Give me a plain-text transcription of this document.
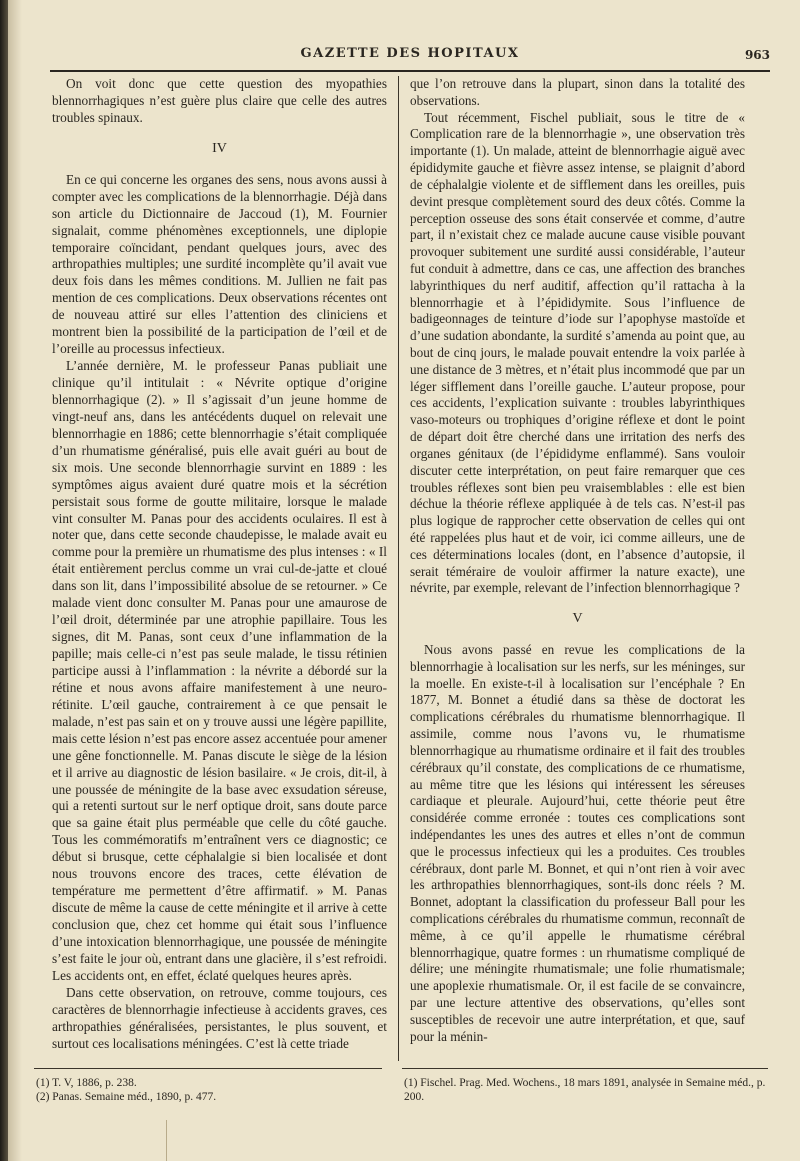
GAZETTE DES HOPITAUX	963

On voit donc que cette question des myopathies blennorrhagiques n’est guère plus claire que celle des autres troubles spinaux.

IV

En ce qui concerne les organes des sens, nous avons aussi à compter avec les complications de la blennorrhagie. Déjà dans son article du Dictionnaire de Jaccoud (1), M. Fournier signalait, comme phénomènes exceptionnels, une diplopie temporaire coïncidant, pendant quelques jours, avec des arthropathies multiples; une surdité incomplète qu’il avait vue deux fois dans les mêmes conditions. M. Jullien ne fait pas mention de ces complications. Deux observations récentes ont de nouveau attiré sur elles l’attention des cliniciens et montrent bien la possibilité de la participation de l’œil et de l’oreille au processus infectieux.

L’année dernière, M. le professeur Panas publiait une clinique qu’il intitulait : « Névrite optique d’origine blennorrhagique (2). » Il s’agissait d’un jeune homme de vingt-neuf ans, dans les antécédents duquel on relevait une blennorrhagie en 1886; cette blennorrhagie s’était compliquée d’un rhumatisme généralisé, puis elle avait guéri au bout de six mois. Une seconde blennorrhagie survint en 1889 : les symptômes aigus avaient duré quatre mois et la sécrétion persistait sous forme de goutte militaire, lorsque le malade vint consulter M. Panas pour des accidents oculaires. Il est à noter que, dans cette seconde chaudepisse, le malade avait eu comme pour la première un rhumatisme des plus intenses : « Il était entièrement perclus comme un vrai cul-de-jatte et cloué dans son lit, dans l’impossibilité absolue de se retourner. » Ce malade vient donc consulter M. Panas pour une amaurose de l’œil droit, déterminée par une atrophie papillaire. Tous les signes, dit M. Panas, sont ceux d’une inflammation de la papille; mais celle-ci n’est pas seule malade, le tissu rétinien participe aussi à l’inflammation : la névrite a débordé sur la rétine et nous avons affaire manifestement à une neuro-rétinite. L’œil gauche, contrairement à ce que pensait le malade, n’est pas sain et on y trouve aussi une légère papillite, mais cette lésion n’est pas encore assez accentuée pour amener une gêne fonctionnelle. M. Panas discute le siège de la lésion et il arrive au diagnostic de lésion basilaire. « Je crois, dit-il, à une poussée de méningite de la base avec exsudation séreuse, qui a retenti surtout sur le nerf optique droit, sans doute parce que sa gaine était plus perméable que celle du côté gauche. Tous les commémoratifs m’entraînent vers ce diagnostic; ce début si brusque, cette céphalalgie si bien localisée et dont nous trouvons encore des traces, cette élévation de température me permettent d’être affirmatif. » M. Panas discute de même la cause de cette méningite et il arrive à cette conclusion que, chez cet homme qui était sous l’influence d’une intoxication blennorrhagique, une poussée de méningite s’est faite le jour où, entrant dans une glacière, il s’est refroidi. Les accidents ont, en effet, éclaté quelques heures après.

Dans cette observation, on retrouve, comme toujours, ces caractères de blennorrhagie infectieuse à accidents graves, ces arthropathies généralisées, persistantes, le plus souvent, et surtout ces localisations méningées. C’est là cette triade

que l’on retrouve dans la plupart, sinon dans la totalité des observations.

Tout récemment, Fischel publiait, sous le titre de « Complication rare de la blennorrhagie », une observation très importante (1). Un malade, atteint de blennorrhagie aiguë avec épididymite gauche et fièvre assez intense, se plaignit d’abord de céphalalgie violente et de sifflement dans les oreilles, puis devint presque complètement sourd des deux côtés. Comme la perception osseuse des sons était conservée et comme, d’autre part, il n’existait chez ce malade aucune cause visible pouvant provoquer subitement une surdité aussi considérable, l’auteur fut conduit à admettre, dans ce cas, une affection des branches labyrinthiques du nerf auditif, affection qu’il rattacha à la blennorrhagie et à l’épididymite. Sous l’influence de badigeonnages de teinture d’iode sur l’apophyse mastoïde et d’une sudation abondante, la surdité s’amenda au point que, au bout de cinq jours, le malade pouvait entendre la voix parlée à une distance de 3 mètres, et n’était plus incommodé que par un léger sifflement dans l’oreille gauche. L’auteur propose, pour ces accidents, l’explication suivante : troubles labyrinthiques vaso-moteurs ou trophiques d’origine réflexe et dont le point de départ doit être cherché dans une irritation des nerfs des organes génitaux (de l’épididyme enflammé). Sans vouloir discuter cette interprétation, on peut faire remarquer que ces troubles réflexes sont bien peu vraisemblables : elle est bien déchue la théorie réflexe appliquée à de tels cas. N’est-il pas plus logique de rapprocher cette observation de celles qui ont été rappelées plus haut et de voir, ici comme ailleurs, une de ces déterminations locales (dont, en l’absence d’autopsie, il serait téméraire de vouloir affirmer la nature exacte), une névrite, par exemple, relevant de l’infection blennorrhagique ?

V

Nous avons passé en revue les complications de la blennorrhagie à localisation sur les nerfs, sur les méninges, sur la moelle. En existe-t-il à localisation sur l’encéphale ? En 1877, M. Bonnet a étudié dans sa thèse de doctorat les complications cérébrales du rhumatisme blennorrhagique. Il assimile, comme nous l’avons vu, le rhumatisme blennorrhagique au rhumatisme ordinaire et il fait des troubles cérébraux qu’il constate, des complications de ce rhumatisme, au même titre que les lésions qui intéressent les séreuses cardiaque et pleurale. Aujourd’hui, cette théorie peut être considérée comme erronée : toutes ces complications sont indépendantes les unes des autres et elles n’ont de commun que le processus infectieux qui les a produites. Ces troubles cérébraux, dont parle M. Bonnet, et qui n’ont rien à voir avec les arthropathies blennorrhagiques, sont-ils donc réels ? M. Bonnet, adoptant la classification du professeur Ball pour les complications cérébrales du rhumatisme commun, reconnaît de même, à ce qu’il appelle le rhumatisme cérébral blennorrhagique, quatre formes : un rhumatisme compliqué de délire; une méningite rhumatismale; une folie rhumatismale; une apoplexie rhumatismale. Or, il est facile de se convaincre, par une lecture attentive des observations, qu’elles sont susceptibles de recevoir une autre interprétation, et que, sauf pour la ménin-

(1) T. V, 1886, p. 238.
(2) Panas. Semaine méd., 1890, p. 477.
(1) Fischel. Prag. Med. Wochens., 18 mars 1891, analysée in Semaine méd., p. 200.
